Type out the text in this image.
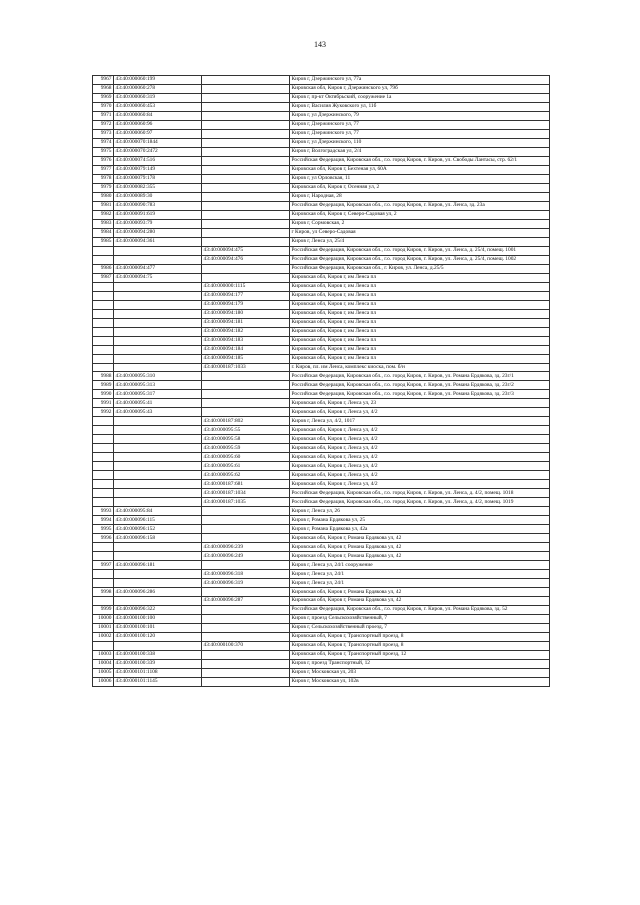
143
9967	43:40:000060:199		Киров г, Дзержинского ул, 77а
9968	43:40:000060:278		Кировская обл, Киров г, Дзержинского ул, 79б
9969	43:40:000060:319		Киров г, пр-кт Октябрьский, сооружение 1а
9970	43:40:000060:453		Киров г, Василия Жуковского ул, 11б
9971	43:40:000060:84		Киров г, ул Дзержинского, 79
9972	43:40:000060:96		Киров г, Дзержинского ул, 77
9973	43:40:000060:97		Киров г, Дзержинского ул, 77
9974	43:40:000070:1844		Киров г, ул Дзержинского, 110
9975	43:40:000070:2472		Киров г, Волгоградская ул, 2/4
9976	43:40:000074:516		Российская Федерация, Кировская обл., г.о. город Киров, г. Киров, ул. Свободы Лантасы, стр. 62/1
9977	43:40:000079:149		Кировская обл, Киров г, Бехтеная ул, 60А
9978	43:40:000079:178		Киров г, ул Орловская, 11
9979	43:40:000082:355		Кировская обл, Киров г, Осенняя ул, 2
9980	43:40:000089:30		Киров г, Народная, 28
9981	43:40:000090:783		Российская Федерация, Кировская обл., г.о. город Киров, г. Киров, ул. Ленса, зд. 23а
9982	43:40:000091:619		Кировская обл, Киров г, Северо-Садовая ул, 2
9983	43:40:000093:79		Киров г, Сормовская, 2
9984	43:40:000094:280		г Киров, ул Северо-Садовая
9985	43:40:000094:361		Киров г, Ленса ул, 25/4
		43:40:000094:475	Российская Федерация, Кировская обл., г.о. город Киров, г. Киров, ул. Ленса, д. 25/4, помещ. 1001
		43:40:000094:476	Российская Федерация, Кировская обл., г.о. город Киров, г. Киров, ул. Ленса, д. 25/4, помещ. 1002
9986	43:40:000094:477		Российская Федерация, Кировская обл., г. Киров, ул. Ленса, д.25/5
9987	43:40:000094:75		Кировская обл, Киров г, им Ленса пл
		43:40:000000:1115	Кировская обл, Киров г, им Ленса пл
		43:40:000094:177	Кировская обл, Киров г, им Ленса пл
		43:40:000094:179	Кировская обл, Киров г, им Ленса пл
		43:40:000094:180	Кировская обл, Киров г, им Ленса пл
		43:40:000094:181	Кировская обл, Киров г, им Ленса пл
		43:40:000094:182	Кировская обл, Киров г, им Ленса пл
		43:40:000094:183	Кировская обл, Киров г, им Ленса пл
		43:40:000094:184	Кировская обл, Киров г, им Ленса пл
		43:40:000094:185	Кировская обл, Киров г, им Ленса пл
		43:40:000187:1033	г. Киров, пл. им Ленса, комплекс киоска, пом. б/н
9988	43:40:000095:310		Российская Федерация, Кировская обл., г.о. город Киров, г. Киров, ул. Романа Ердякова, зд. 23г/1
9989	43:40:000095:313		Российская Федерация, Кировская обл., г.о. город Киров, г. Киров, ул. Романа Ердякова, зд. 23г/2
9990	43:40:000095:317		Российская Федерация, Кировская обл., г.о. город Киров, г. Киров, ул. Романа Ердякова, зд. 23г/3
9991	43:40:000095:41		Кировская обл, Киров г, Ленса ул, 23
9992	43:40:000095:43		Кировская обл, Киров г, Ленса ул, 4/2
		43:40:000187:802	Киров г, Ленса ул, 4/2, 1017
		43:40:000095:55	Кировская обл, Киров г, Ленса ул, 4/2
		43:40:000095:58	Кировская обл, Киров г, Ленса ул, 4/2
		43:40:000095:59	Кировская обл, Киров г, Ленса ул, 4/2
		43:40:000095:60	Кировская обл, Киров г, Ленса ул, 4/2
		43:40:000095:61	Кировская обл, Киров г, Ленса ул, 4/2
		43:40:000095:62	Кировская обл, Киров г, Ленса ул, 4/2
		43:40:000187:681	Кировская обл, Киров г, Ленса ул, 4/2
		43:40:000187:1034	Российская Федерация, Кировская обл., г.о. город Киров, г. Киров, ул. Ленса, д. 4/2, помещ. 1018
		43:40:000187:1035	Российская Федерация, Кировская обл., г.о. город Киров, г. Киров, ул. Ленса, д. 4/2, помещ. 1019
9993	43:40:000095:84		Киров г, Ленса ул, 26
9994	43:40:000096:115		Киров г, Романа Ердякова ул, 25
9995	43:40:000096:152		Киров г, Романа Ердякова ул, 42а
9996	43:40:000096:158		Кировская обл, Киров г, Романа Ердякова ул, 42
		43:40:000096:239	Кировская обл, Киров г, Романа Ердякова ул, 42
		43:40:000096:249	Кировская обл, Киров г, Романа Ердякова ул, 42
9997	43:40:000096:181		Киров г, Ленса ул, 24/1 сооружение
		43:40:000096:318	Киров г, Ленса ул, 24/1
		43:40:000096:319	Киров г, Ленса ул, 24/1
9998	43:40:000096:286		Кировская обл, Киров г, Романа Ердякова ул, 42
		43:40:000096:287	Кировская обл, Киров г, Романа Ердякова ул, 42
9999	43:40:000096:322		Российская Федерация, Кировская обл., г.о. город Киров, г. Киров, ул. Романа Ердякова, зд. 52
10000	43:40:000100:100		Киров г, проезд Сельскохозяйственный, 7
10001	43:40:000100:101		Киров г, Сельскохозяйственный проезд, 7
10002	43:40:000100:120		Кировская обл, Киров г, Транспортный проезд, 8
		43:40:000100:370	Кировская обл, Киров г, Транспортный проезд, 8
10003	43:40:000100:338		Кировская обл, Киров г, Транспортный проезд, 12
10004	43:40:000100:339		Киров г, проезд Транспортный, 12
10005	43:40:000101:1108		Киров г, Московская ул, 203
10006	43:40:000101:1145		Киров г, Московская ул, 102в
